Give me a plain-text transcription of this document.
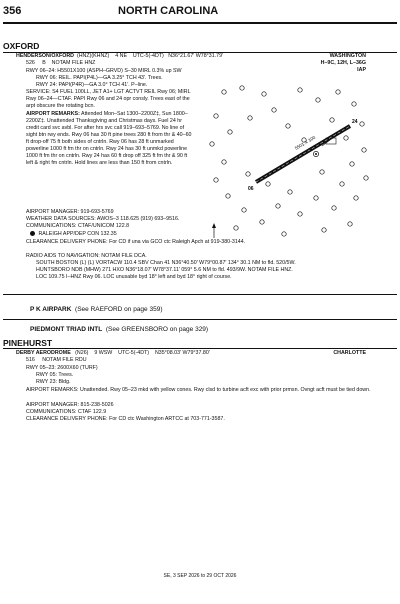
356	NORTH CAROLINA
OXFORD
HENDERSON/OXFORD (HNZ)(KHNZ) 4 NE UTC-5(-4DT) N36°21.67′ W78°31.79′
526 B NOTAM FILE HNZ
WASHINGTON
H–9C, 12H, L–36G
IAP
RWY 06–24: H5501X100 (ASPH–GRVD) S–30 MIRL 0.3% up SW
RWY 06: REIL. PAPI(P4L)—GA 3.25° TCH 43′. Trees.
RWY 24: PAPI(P4R)—GA 3.0° TCH 41′. P–line.
SERVICE: S4 FUEL 100LL, JET A1+ LGT ACTVT REIL Rwy 06; MIRL Rwy 06–24—CTAF. PAPI Rwy 06 and 24 opr consly. Trees east of the arpt obscure the rotating bcn.
AIRPORT REMARKS: Attended Mon–Sat 1300–2200Z‡, Sun 1800–2200Z‡. Unattended Thanksgiving and Christmas days. Fuel 24 hr credit card svc avbl. For after hrs svc call 919–693–5769. No line of sight btn rwy ends. Rwy 06 has 30 ft pine trees 280 ft from thr & 40–60 ft drop-off 75 ft both sides of cntrln. Rwy 06 has 28 ft unmarked powerline 1000 ft fm thr on cntrln. Rwy 24 has 30 ft unmkd powerline 1000 ft fm thr on cntrln. Rwy 24 has 60 ft drop off 325 ft fm thr & 90 ft left & right fm cntrln. Hold lines are less than 150 ft from cntrln.
AIRPORT MANAGER: 919-693-5769
WEATHER DATA SOURCES: AWOS–3 118.625 (919) 693–9516.
COMMUNICATIONS: CTAF/UNICOM 122.8
RALEIGH APP/DEP CON 132.35
CLEARANCE DELIVERY PHONE: For CD if una via GCO ctc Raleigh Apch at 919-380-3144.
RADIO AIDS TO NAVIGATION: NOTAM FILE DCA.
SOUTH BOSTON (L) (L) VORTACW 110.4 SBV Chan 41 N36°40.50′ W79°00.87′ 134° 30.1 NM to fld. 520/5W.
HUNTSBORO NDB (MHW) 271 HXO N36°18.07′ W78°37.11′ 059° 5.6 NM to fld. 493/9W. NOTAM FILE HNZ.
LOC 109.75 I–HNZ Rwy 06. LOC unusable byd 18° left and byd 18° right of course.
5501 X 100
06
24
P K AIRPARK (See RAEFORD on page 359)
PIEDMONT TRIAD INTL (See GREENSBORO on page 329)
PINEHURST
DERBY AERODROME (N26) 9 WSW UTC-5(-4DT) N35°08.03′ W79°37.80′	CHARLOTTE
516 NOTAM FILE RDU
RWY 05–23: 2600X60 (TURF)
RWY 05: Trees.
RWY 23: Bldg.
AIRPORT REMARKS: Unattended. Rwy 05–23 mkd with yellow cones. Rwy clsd to turbine acft exc with prior prmsn. Ovngt acft must be tied down.
AIRPORT MANAGER: 815-238-5026
COMMUNICATIONS: CTAF 122.9
CLEARANCE DELIVERY PHONE: For CD ctc Washington ARTCC at 703-771-3587.
SE, 3 SEP 2026 to 29 OCT 2026
